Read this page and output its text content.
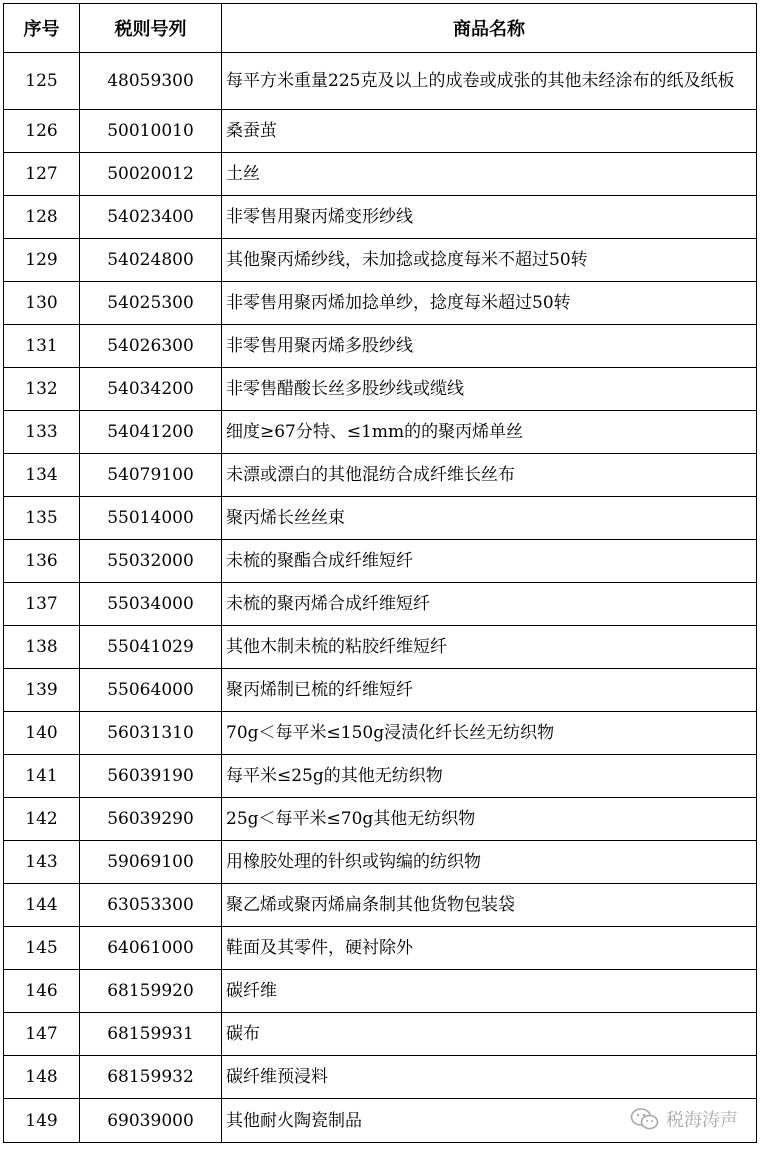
序号	税则号列	商品名称
125	48059300	每平方米重量225克及以上的成卷或成张的其他未经涂布的纸及纸板
126	50010010	桑蚕茧
127	50020012	土丝
128	54023400	非零售用聚丙烯变形纱线
129	54024800	其他聚丙烯纱线，未加捻或捻度每米不超过50转
130	54025300	非零售用聚丙烯加捻单纱，捻度每米超过50转
131	54026300	非零售用聚丙烯多股纱线
132	54034200	非零售醋酸长丝多股纱线或缆线
133	54041200	细度≥67分特、≤1mm的的聚丙烯单丝
134	54079100	未漂或漂白的其他混纺合成纤维长丝布
135	55014000	聚丙烯长丝丝束
136	55032000	未梳的聚酯合成纤维短纤
137	55034000	未梳的聚丙烯合成纤维短纤
138	55041029	其他木制未梳的粘胶纤维短纤
139	55064000	聚丙烯制已梳的纤维短纤
140	56031310	70g＜每平米≤150g浸渍化纤长丝无纺织物
141	56039190	每平米≤25g的其他无纺织物
142	56039290	25g＜每平米≤70g其他无纺织物
143	59069100	用橡胶处理的针织或钩编的纺织物
144	63053300	聚乙烯或聚丙烯扁条制其他货物包装袋
145	64061000	鞋面及其零件，硬衬除外
146	68159920	碳纤维
147	68159931	碳布
148	68159932	碳纤维预浸料
149	69039000	其他耐火陶瓷制品	税海涛声
